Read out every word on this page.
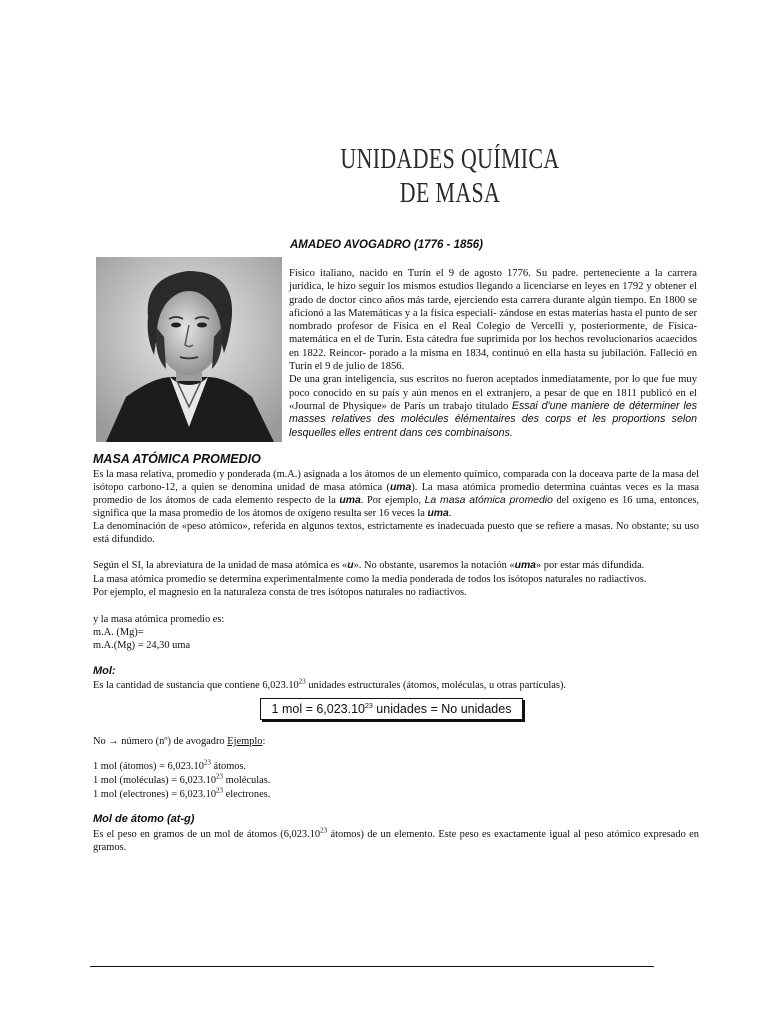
UNIDADES QUÍMICA
DE MASA
AMADEO AVOGADRO (1776 - 1856)
Físico italiano, nacido en Turín el 9 de agosto 1776. Su padre. perteneciente a la carrera jurídica, le hizo seguir los mismos estudios llegando a licenciarse en leyes en 1792 y obtener el grado de doctor cinco años más tarde, ejerciendo esta carrera durante algún tiempo. En 1800 se aficionó a las Matemáticas y a la física especiali- zándose en estas materias hasta el punto de ser nombrado profesor de Física en el Real Colegio de Vercelli y, posteriormente, de Física-matemática en el de Turín. Esta cátedra fue suprimida por los hechos revolucionarios acaecidos en 1822. Reincor- porado a la misma en 1834, continuó en ella hasta su jubilación. Falleció en Turín el 9 de julio de 1856.
De una gran inteligencia, sus escritos no fueron aceptados inmediatamente, por lo que fue muy poco conocido en su país y aún menos en el extranjero, a pesar de que en 1811 publicó en el «Journal de Physique» de París un trabajo titulado Essai d'une maniere de déterminer les masses relatives des molécules élémentaires des corps et les proportions selon lesquelles elles entrent dans ces combinaisons.
MASA ATÓMICA PROMEDIO
Es la masa relativa, promedio y ponderada (m.A.) asignada a los átomos de un elemento químico, comparada con la doceava parte de la masa del isótopo carbono-12, a quien se denomina unidad de masa atómica (uma). La masa atómica promedio determina cuántas veces es la masa promedio de los átomos de cada elemento respecto de la uma. Por ejemplo, La masa atómica promedio del oxígeno es 16 uma, entonces, significa que la masa promedio de los átomos de oxígeno resulta ser 16 veces la uma.
La denominación de «peso atómico», referida en algunos textos, estrictamente es inadecuada puesto que se refiere a masas. No obstante; su uso está difundido.
Según el SI, la abreviatura de la unidad de masa atómica es «u». No obstante, usaremos la notación «uma» por estar más difundida.
La masa atómica promedio se determina experimentalmente como la media ponderada de todos los isótopos naturales no radiactivos.
Por ejemplo, el magnesio en la naturaleza consta de tres isótopos naturales no radiactivos.
y la masa atómica promedio es:
m.A. (Mg)=
m.A.(Mg) = 24,30 uma
Mol:
Es la cantidad de sustancia que contiene 6,023.10$^{23}$ unidades estructurales (átomos, moléculas, u otras partículas).
1 mol = $6,023.10^{23}$ unidades = No unidades
No → número (nº) de avogadro Ejemplo:
1 mol (átomos) = $6,023.10^{23}$ átomos.
1 mol (moléculas) = $6,023.10^{23}$ moléculas.
1 mol (electrones) = $6,023.10^{23}$ electrones.
Mol de átomo (at-g)
Es el peso en gramos de un mol de átomos (6,023.10$^{23}$ átomos) de un elemento. Este peso es exactamente igual al peso atómico expresado en gramos.
